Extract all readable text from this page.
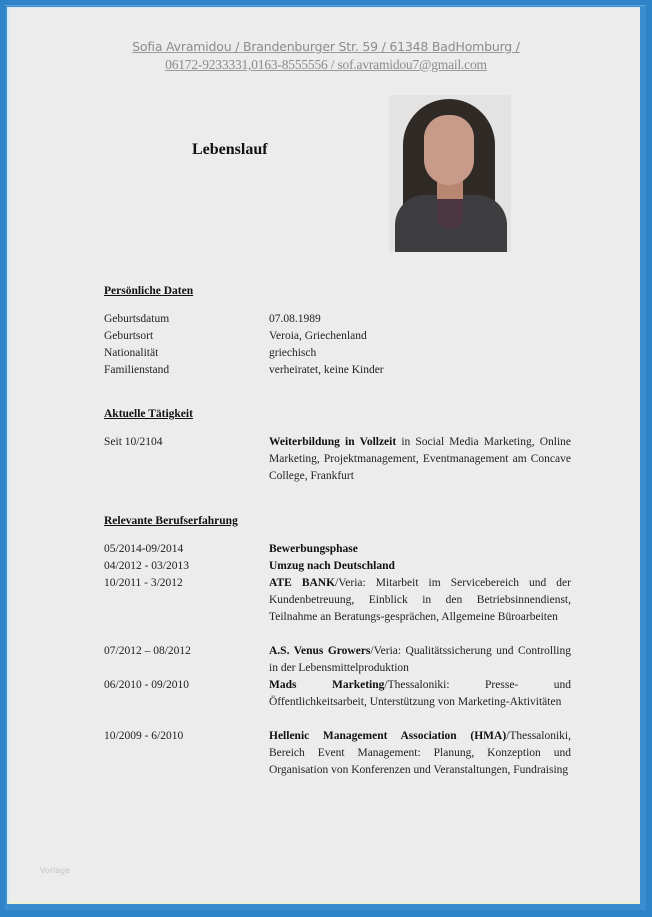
Sofia Avramidou / Brandenburger Str. 59 / 61348 BadHomburg /
06172-9233331,0163-8555556 / sof.avramidou7@gmail.com
Lebenslauf
Persönliche Daten
Geburtsdatum	07.08.1989
Geburtsort	Veroia, Griechenland
Nationalität	griechisch
Familienstand	verheiratet, keine Kinder
Aktuelle Tätigkeit
Seit 10/2104	Weiterbildung in Vollzeit in Social Media Marketing, Online Marketing, Projektmanagement, Eventmanagement am Concave College, Frankfurt
Relevante Berufserfahrung
05/2014-09/2014	Bewerbungsphase
04/2012 - 03/2013	Umzug nach Deutschland
10/2011 - 3/2012	ATE BANK/Veria: Mitarbeit im Servicebereich und der Kundenbetreuung, Einblick in den Betriebsinnendienst, Teilnahme an Beratungs-gesprächen, Allgemeine Büroarbeiten
07/2012 – 08/2012	A.S. Venus Growers/Veria: Qualitätssicherung und Controlling in der Lebensmittelproduktion
06/2010 - 09/2010	Mads Marketing/Thessaloniki: Presse- und Öffentlichkeitsarbeit, Unterstützung von Marketing-Aktivitäten
10/2009 - 6/2010	Hellenic Management Association (HMA)/Thessaloniki, Bereich Event Management: Planung, Konzeption und Organisation von Konferenzen und Veranstaltungen, Fundraising
Vorlage
